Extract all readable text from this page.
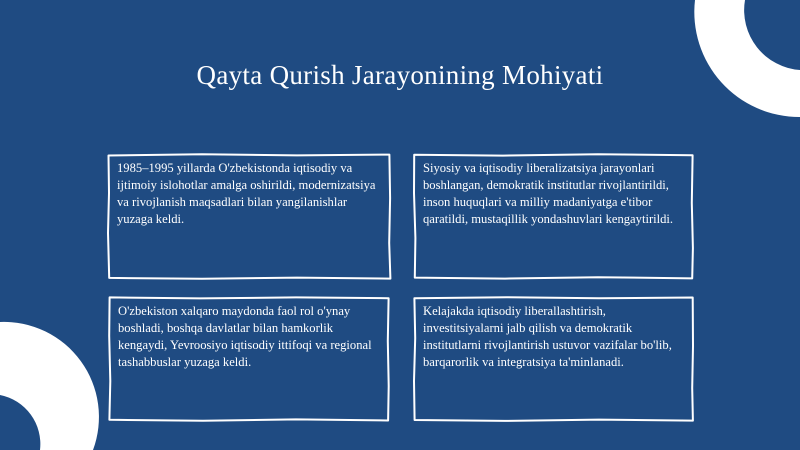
Qayta Qurish Jarayonining Mohiyati

1985–1995 yillarda O'zbekistonda iqtisodiy va ijtimoiy islohotlar amalga oshirildi, modernizatsiya va rivojlanish maqsadlari bilan yangilanishlar yuzaga keldi.

Siyosiy va iqtisodiy liberalizatsiya jarayonlari boshlangan, demokratik institutlar rivojlantirildi, inson huquqlari va milliy madaniyatga e'tibor qaratildi, mustaqillik yondashuvlari kengaytirildi.

O'zbekiston xalqaro maydonda faol rol o'ynay boshladi, boshqa davlatlar bilan hamkorlik kengaydi, Yevroosiyo iqtisodiy ittifoqi va regional tashabbuslar yuzaga keldi.

Kelajakda iqtisodiy liberallashtirish, investitsiyalarni jalb qilish va demokratik institutlarni rivojlantirish ustuvor vazifalar bo'lib, barqarorlik va integratsiya ta'minlanadi.
